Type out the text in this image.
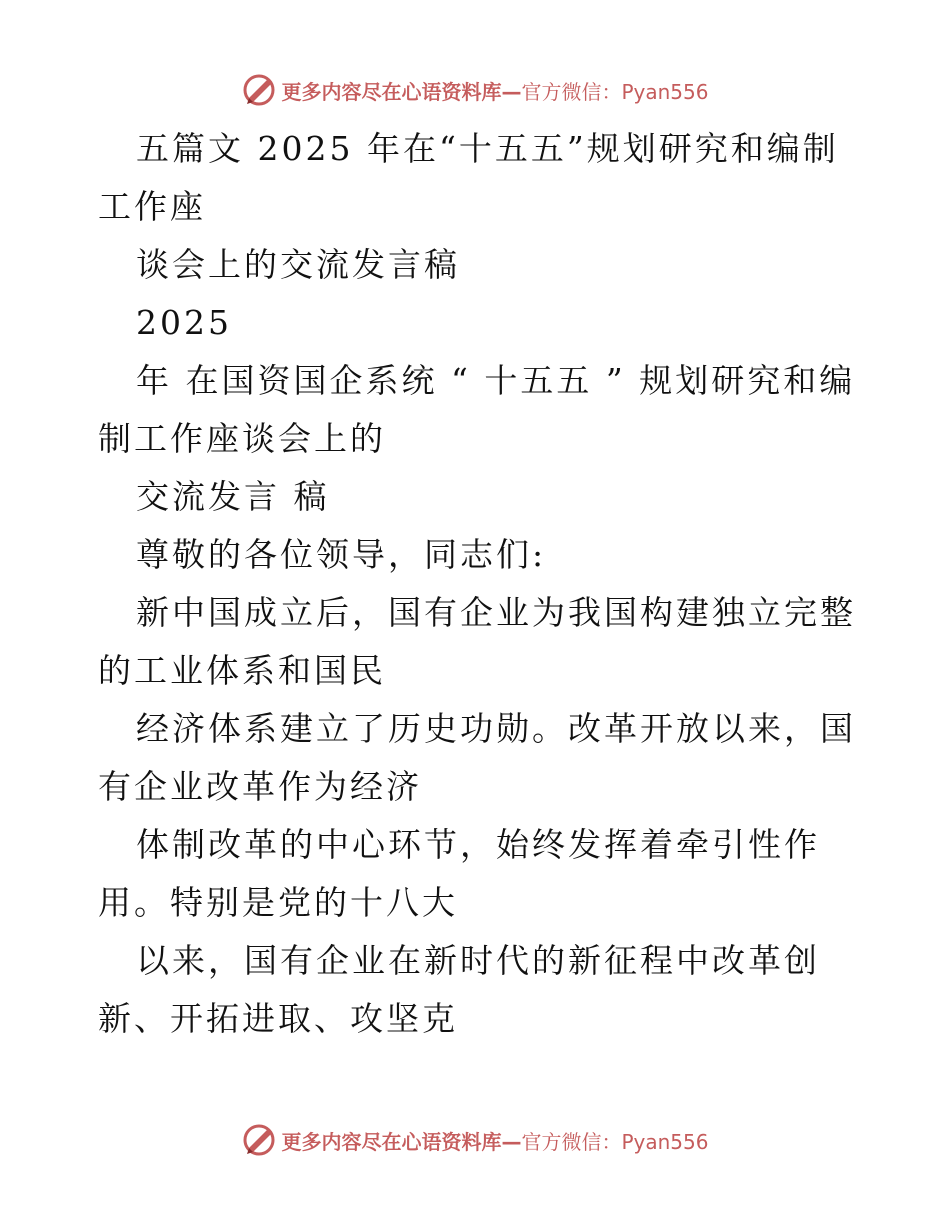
更多内容尽在心语资料库— 官方微信：Pyan556

五篇文 2025 年在“十五五”规划研究和编制工作座

谈会上的交流发言稿

2025

年 在国资国企系统 “ 十五五 ” 规划研究和编制工作座谈会上的

交流发言 稿

尊敬的各位领导，同志们:

新中国成立后，国有企业为我国构建独立完整的工业体系和国民

经济体系建立了历史功勋。改革开放以来，国有企业改革作为经济

体制改革的中心环节，始终发挥着牵引性作用。特别是党的十八大

以来，国有企业在新时代的新征程中改革创新、开拓进取、攻坚克

更多内容尽在心语资料库— 官方微信：Pyan556
